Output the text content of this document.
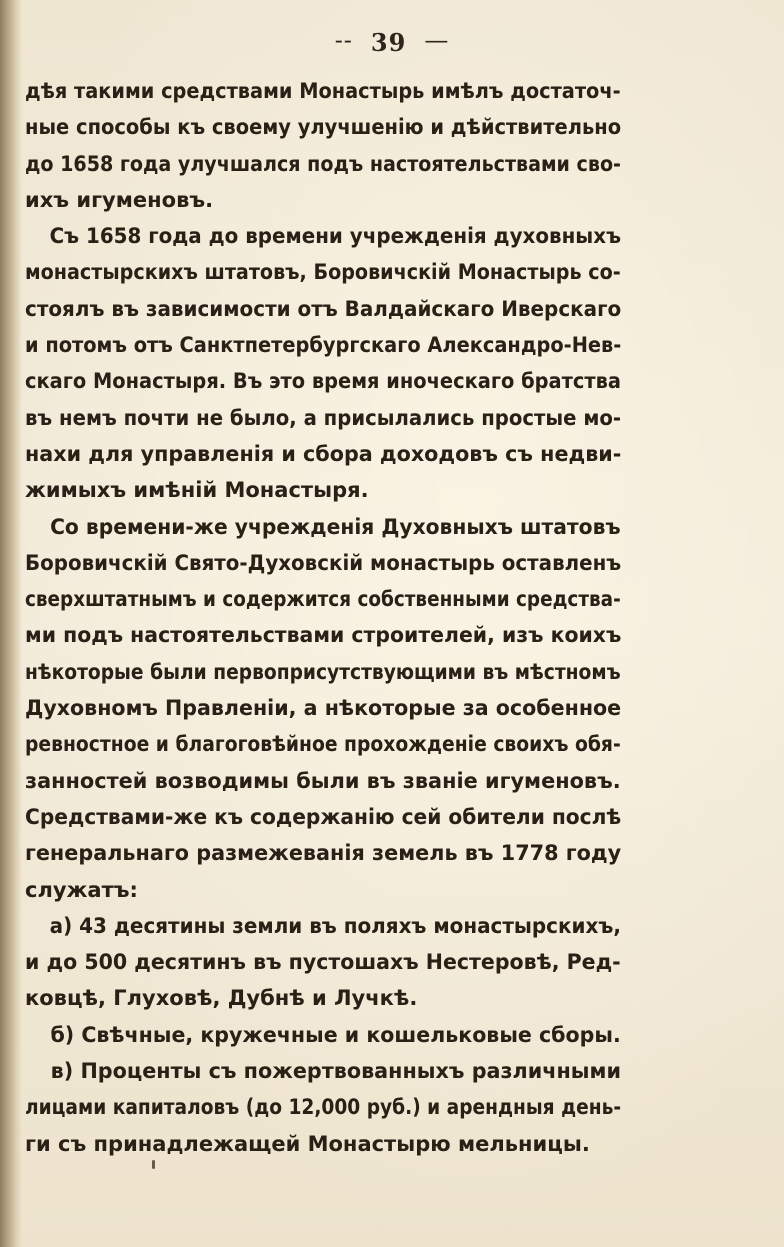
-- 39 —
дѣя такими средствами Монастырь имѣлъ достаточ-
ные способы къ своему улучшенію и дѣйствительно
до 1658 года улучшался подъ настоятельствами сво-
ихъ игуменовъ.
Съ 1658 года до времени учрежденія духовныхъ
монастырскихъ штатовъ, Боровичскій Монастырь со-
стоялъ въ зависимости отъ Валдайскаго Иверскаго
и потомъ отъ Санктпетербургскаго Александро-Нев-
скаго Монастыря. Въ это время иноческаго братства
въ немъ почти не было, а присылались простые мо-
нахи для управленія и сбора доходовъ съ недви-
жимыхъ имѣній Монастыря.
Со времени-же учрежденія Духовныхъ штатовъ
Боровичскій Свято-Духовскій монастырь оставленъ
сверхштатнымъ и содержится собственными средства-
ми подъ настоятельствами строителей, изъ коихъ
нѣкоторые были первоприсутствующими въ мѣстномъ
Духовномъ Правленіи, а нѣкоторые за особенное
ревностное и благоговѣйное прохожденіе своихъ обя-
занностей возводимы были въ званіе игуменовъ.
Средствами-же къ содержанію сей обители послѣ
генеральнаго размежеванія земель въ 1778 году
служатъ:
а) 43 десятины земли въ поляхъ монастырскихъ,
и до 500 десятинъ въ пустошахъ Нестеровѣ, Ред-
ковцѣ, Глуховѣ, Дубнѣ и Лучкѣ.
б) Свѣчные, кружечные и кошельковые сборы.
в) Проценты съ пожертвованныхъ различными
лицами капиталовъ (до 12,000 руб.) и арендныя день-
ги съ принадлежащей Монастырю мельницы.
